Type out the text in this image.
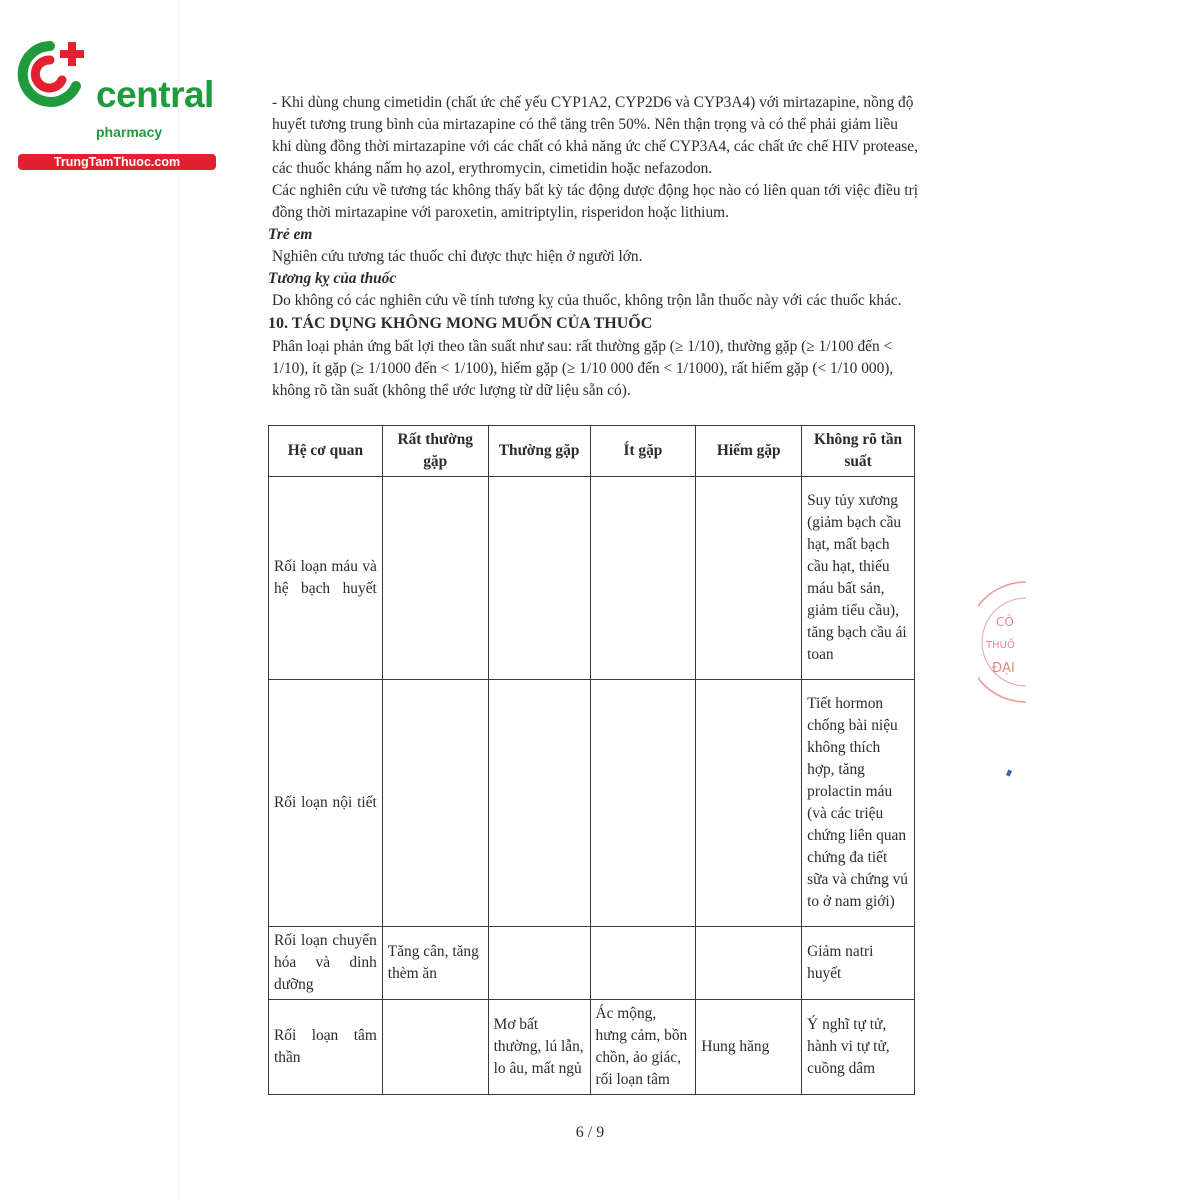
central
pharmacy
TrungTamThuoc.com

- Khi dùng chung cimetidin (chất ức chế yếu CYP1A2, CYP2D6 và CYP3A4) với mirtazapine, nồng độ huyết tương trung bình của mirtazapine có thể tăng trên 50%. Nên thận trọng và có thể phải giảm liều khi dùng đồng thời mirtazapine với các chất có khả năng ức chế CYP3A4, các chất ức chế HIV protease, các thuốc kháng nấm họ azol, erythromycin, cimetidin hoặc nefazodon.

Các nghiên cứu về tương tác không thấy bất kỳ tác động dược động học nào có liên quan tới việc điều trị đồng thời mirtazapine với paroxetin, amitriptylin, risperidon hoặc lithium.

Trẻ em

Nghiên cứu tương tác thuốc chỉ được thực hiện ở người lớn.

Tương kỵ của thuốc

Do không có các nghiên cứu về tính tương kỵ của thuốc, không trộn lẫn thuốc này với các thuốc khác.

10. TÁC DỤNG KHÔNG MONG MUỐN CỦA THUỐC

Phân loại phản ứng bất lợi theo tần suất như sau: rất thường gặp (≥ 1/10), thường gặp (≥ 1/100 đến < 1/10), ít gặp (≥ 1/1000 đến < 1/100), hiếm gặp (≥ 1/10 000 đến < 1/1000), rất hiếm gặp (< 1/10 000), không rõ tần suất (không thể ước lượng từ dữ liệu sẵn có).

Hệ cơ quan	Rất thường gặp	Thường gặp	Ít gặp	Hiếm gặp	Không rõ tần suất
Rối loạn máu và hệ bạch huyết					Suy tủy xương (giảm bạch cầu hạt, mất bạch cầu hạt, thiếu máu bất sản, giảm tiểu cầu), tăng bạch cầu ái toan
Rối loạn nội tiết					Tiết hormon chống bài niệu không thích hợp, tăng prolactin máu (và các triệu chứng liên quan chứng đa tiết sữa và chứng vú to ở nam giới)
Rối loạn chuyển hóa và dinh dưỡng	Tăng cân, tăng thèm ăn				Giảm natri huyết
Rối loạn tâm thần		Mơ bất thường, lú lẫn, lo âu, mất ngủ	Ác mộng, hưng cảm, bồn chồn, ảo giác, rối loạn tâm	Hung hăng	Ý nghĩ tự tử, hành vi tự tử, cuồng dâm
6 / 9
CÔ
THUỐ
ĐẠI
